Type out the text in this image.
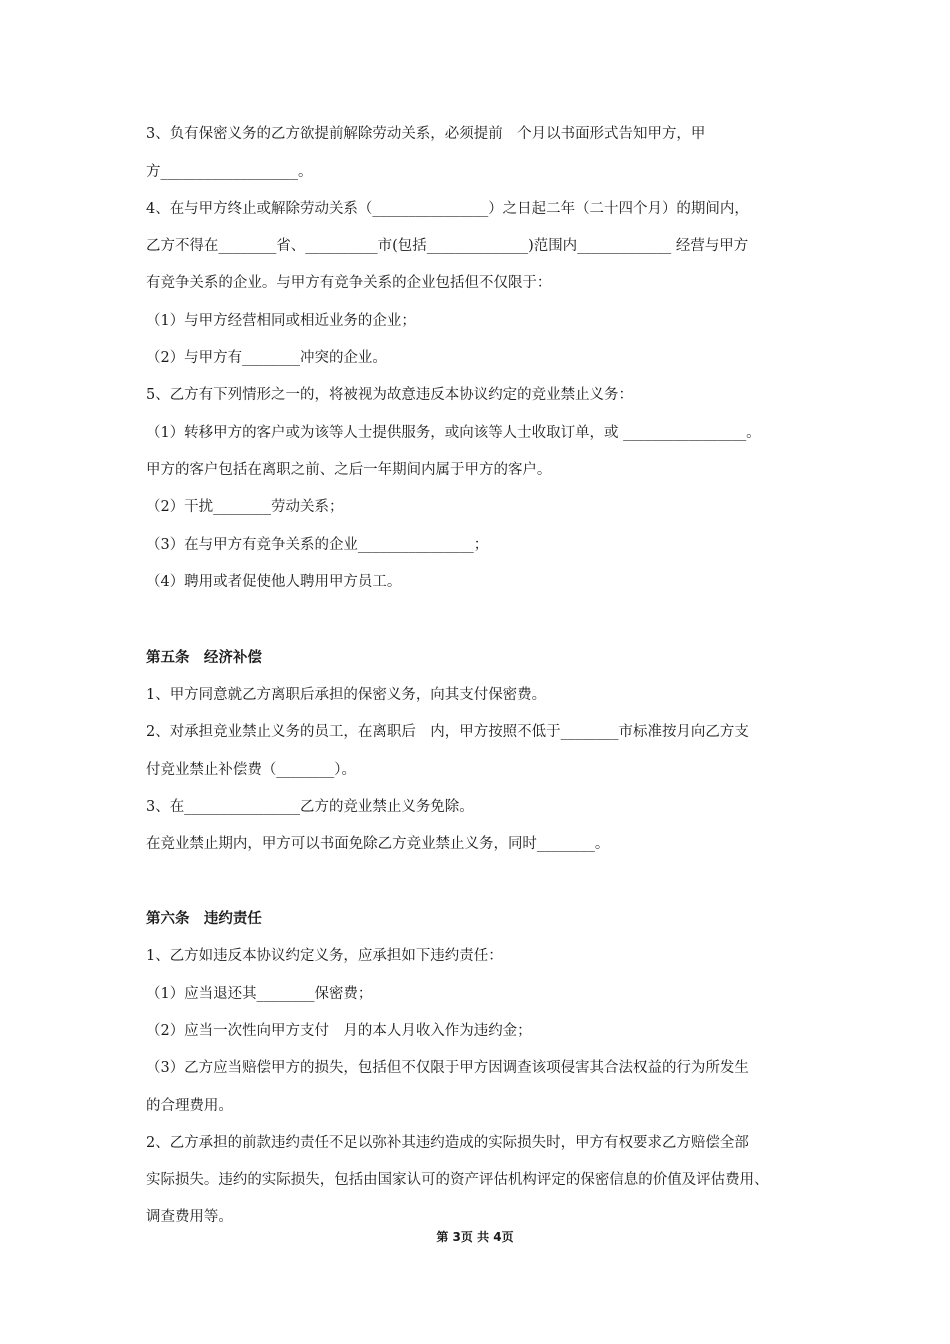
3、负有保密义务的乙方欲提前解除劳动关系，必须提前　个月以书面形式告知甲方，甲
方___________________。
4、在与甲方终止或解除劳动关系（________________）之日起二年（二十四个月）的期间内，
乙方不得在________省、__________市(包括______________)范围内_____________ 经营与甲方
有竞争关系的企业。与甲方有竞争关系的企业包括但不仅限于：
（1）与甲方经营相同或相近业务的企业；
（2）与甲方有________冲突的企业。
5、乙方有下列情形之一的，将被视为故意违反本协议约定的竞业禁止义务：
（1）转移甲方的客户或为该等人士提供服务，或向该等人士收取订单，或 _________________。
甲方的客户包括在离职之前、之后一年期间内属于甲方的客户。
（2）干扰________劳动关系；
（3）在与甲方有竞争关系的企业________________；
（4）聘用或者促使他人聘用甲方员工。
第五条　经济补偿
1、甲方同意就乙方离职后承担的保密义务，向其支付保密费。
2、对承担竞业禁止义务的员工，在离职后　内，甲方按照不低于________市标准按月向乙方支
付竞业禁止补偿费（________）。
3、在________________乙方的竞业禁止义务免除。
在竞业禁止期内，甲方可以书面免除乙方竞业禁止义务，同时________。
第六条　违约责任
1、乙方如违反本协议约定义务，应承担如下违约责任：
（1）应当退还其________保密费；
（2）应当一次性向甲方支付　月的本人月收入作为违约金；
（3）乙方应当赔偿甲方的损失，包括但不仅限于甲方因调查该项侵害其合法权益的行为所发生
的合理费用。
2、乙方承担的前款违约责任不足以弥补其违约造成的实际损失时，甲方有权要求乙方赔偿全部
实际损失。违约的实际损失，包括由国家认可的资产评估机构评定的保密信息的价值及评估费用、
调查费用等。
第 3页 共 4页
